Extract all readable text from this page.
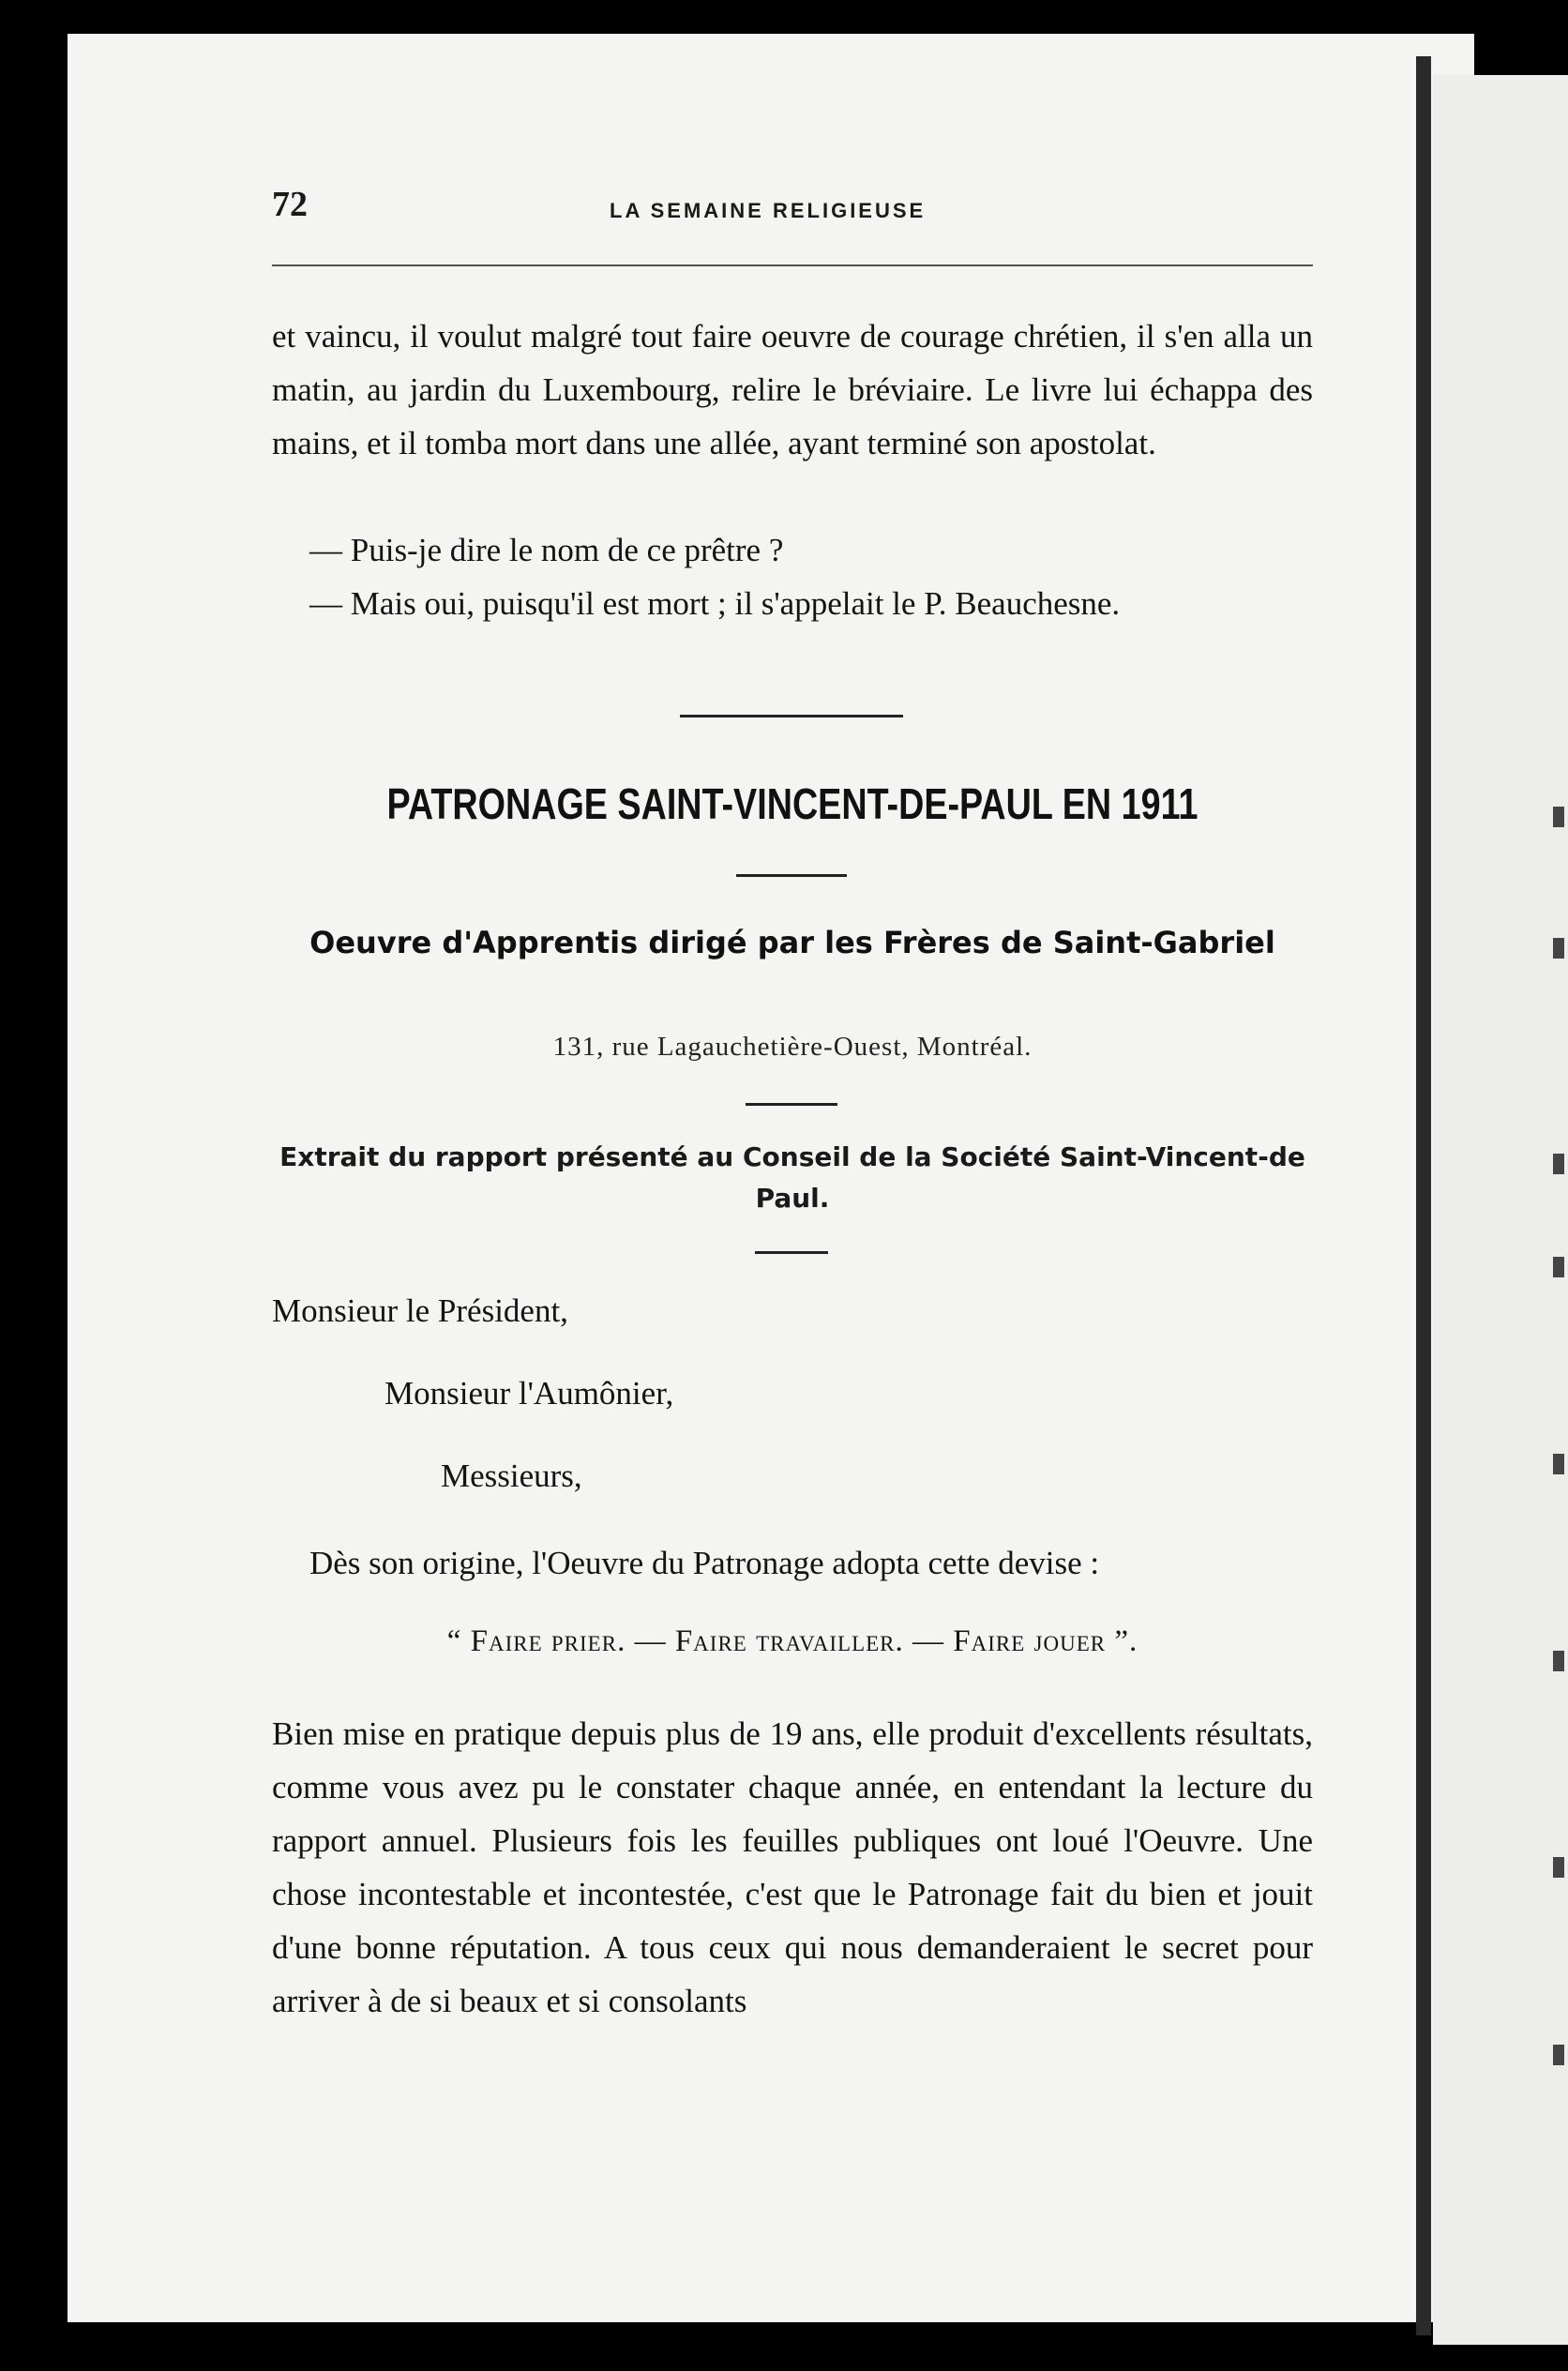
72	LA SEMAINE RELIGIEUSE
et vaincu, il voulut malgré tout faire oeuvre de courage chrétien, il s'en alla un matin, au jardin du Luxembourg, relire le bréviaire. Le livre lui échappa des mains, et il tomba mort dans une allée, ayant terminé son apostolat.
— Puis-je dire le nom de ce prêtre ?
— Mais oui, puisqu'il est mort ; il s'appelait le P. Beauchesne.
PATRONAGE SAINT-VINCENT-DE-PAUL EN 1911
Oeuvre d'Apprentis dirigé par les Frères de Saint-Gabriel
131, rue Lagauchetière-Ouest, Montréal.
Extrait du rapport présenté au Conseil de la Société Saint-Vincent-de Paul.
Monsieur le Président,
Monsieur l'Aumônier,
Messieurs,
Dès son origine, l'Oeuvre du Patronage adopta cette devise :
“ Faire prier. — Faire travailler. — Faire jouer ”.
Bien mise en pratique depuis plus de 19 ans, elle produit d'excellents résultats, comme vous avez pu le constater chaque année, en entendant la lecture du rapport annuel. Plusieurs fois les feuilles publiques ont loué l'Oeuvre. Une chose incontestable et incontestée, c'est que le Patronage fait du bien et jouit d'une bonne réputation. A tous ceux qui nous demanderaient le secret pour arriver à de si beaux et si consolants
